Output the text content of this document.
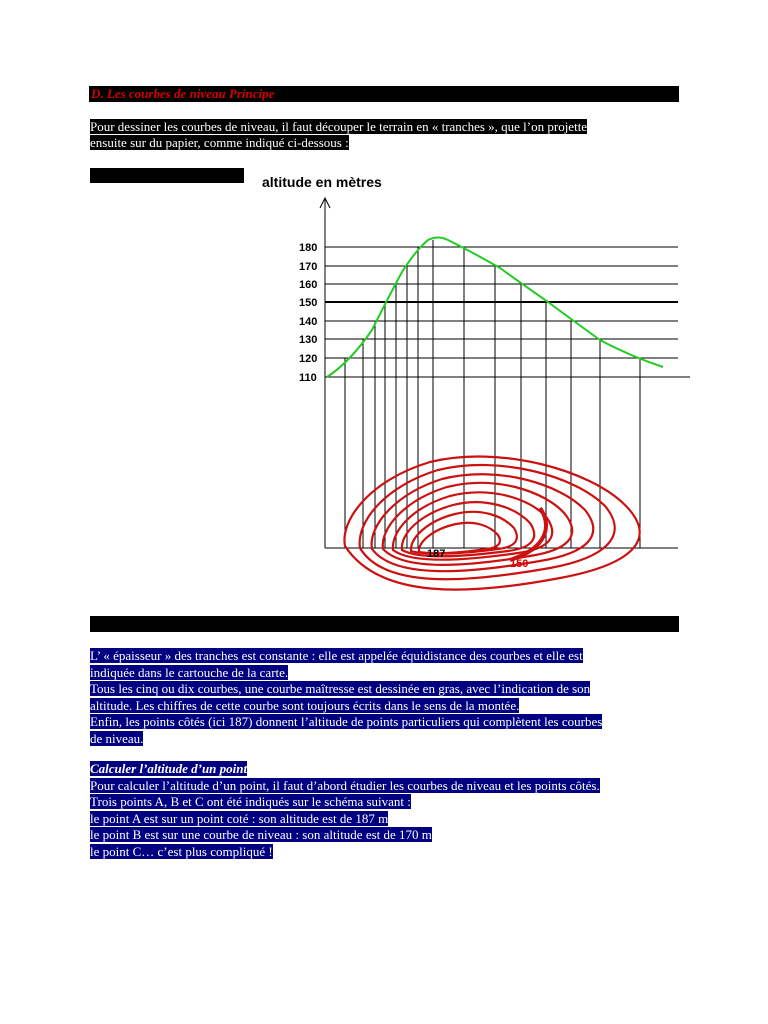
D. Les courbes de niveau Principe
Pour dessiner les courbes de niveau, il faut découper le terrain en « tranches », que l’on projette
ensuite sur du papier, comme indiqué ci-dessous :
altitude en mètres
180
170
160
150
140
130
120
110
187
150
L’ « épaisseur » des tranches est constante : elle est appelée équidistance des courbes et elle est
indiquée dans le cartouche de la carte.
Tous les cinq ou dix courbes, une courbe maîtresse est dessinée en gras, avec l’indication de son
altitude. Les chiffres de cette courbe sont toujours écrits dans le sens de la montée.
Enfin, les points côtés (ici 187) donnent l’altitude de points particuliers qui complètent les courbes
de niveau.
Calculer l’altitude d’un point
Pour calculer l’altitude d’un point, il faut d’abord étudier les courbes de niveau et les points côtés.
Trois points A, B et C ont été indiqués sur le schéma suivant :
le point A est sur un point coté : son altitude est de 187 m
le point B est sur une courbe de niveau : son altitude est de 170 m
le point C… c’est plus compliqué !
